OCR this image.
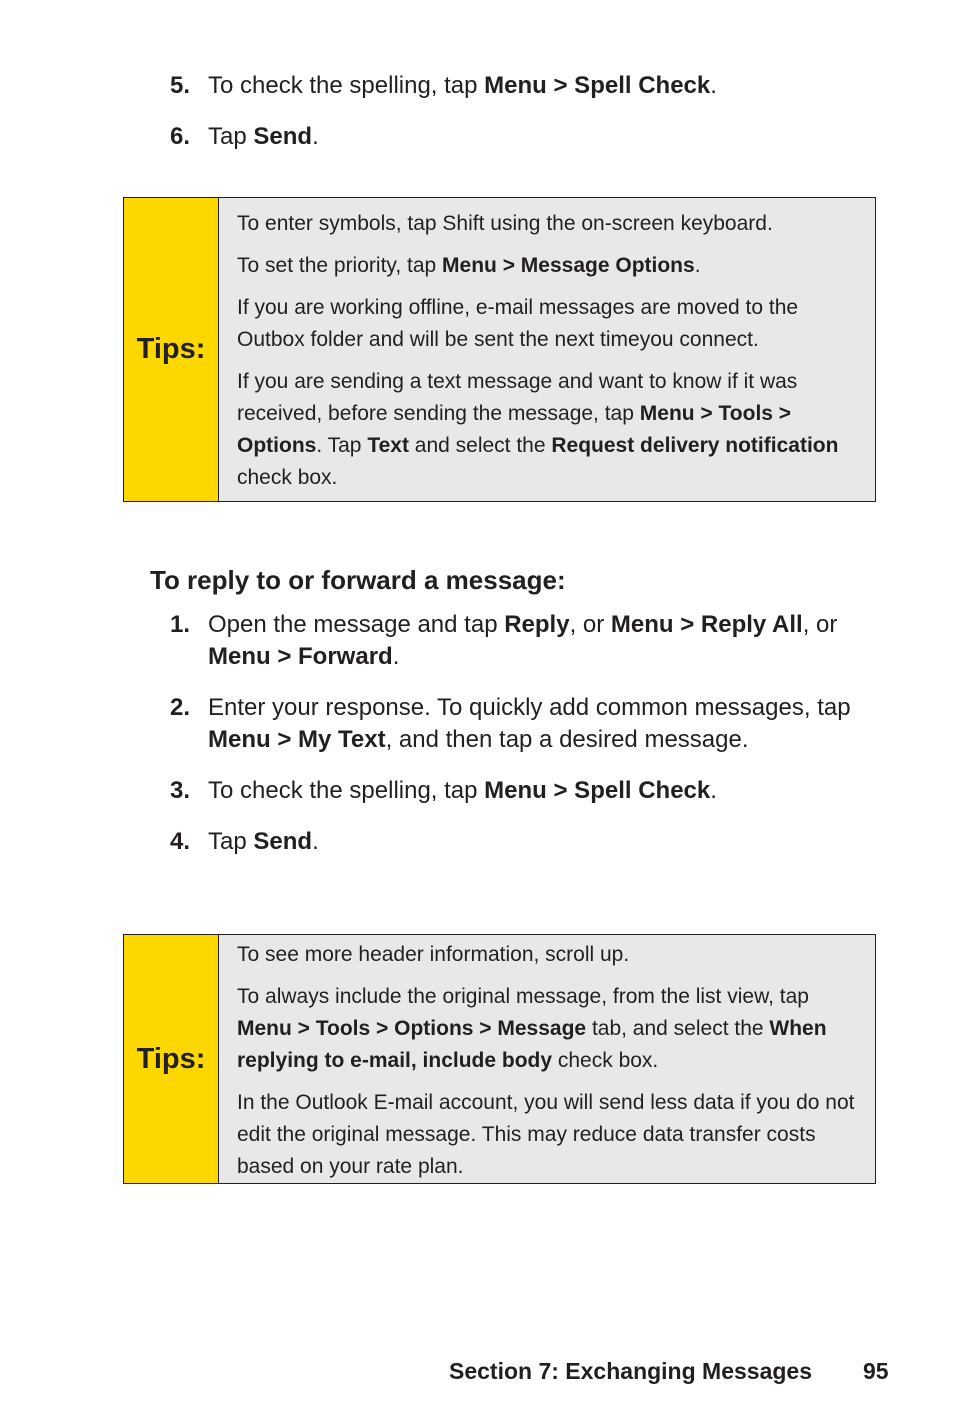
5. To check the spelling, tap Menu > Spell Check.
6. Tap Send.
Tips:

To enter symbols, tap Shift using the on-screen keyboard.

To set the priority, tap Menu > Message Options.

If you are working offline, e-mail messages are moved to the Outbox folder and will be sent the next timeyou connect.

If you are sending a text message and want to know if it was received, before sending the message, tap Menu > Tools > Options. Tap Text and select the Request delivery notification check box.

To reply to or forward a message:
1. Open the message and tap Reply, or Menu > Reply All, or Menu > Forward.
2. Enter your response. To quickly add common messages, tap Menu > My Text, and then tap a desired message.
3. To check the spelling, tap Menu > Spell Check.
4. Tap Send.
Tips:

To see more header information, scroll up.

To always include the original message, from the list view, tap Menu > Tools > Options > Message tab, and select the When replying to e-mail, include body check box.

In the Outlook E-mail account, you will send less data if you do not edit the original message. This may reduce data transfer costs based on your rate plan.

Section 7: Exchanging Messages 95
